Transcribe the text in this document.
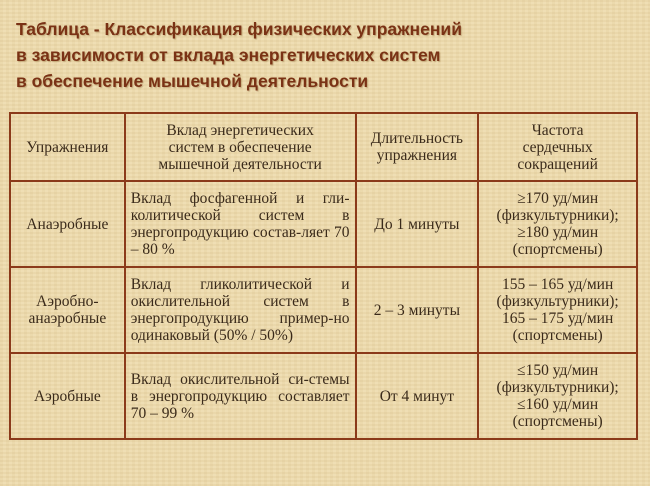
Таблица - Классификация физических упражнений
в зависимости от вклада энергетических систем
в обеспечение мышечной деятельности
Упражнения	Вклад энергетических
систем в обеспечение
мышечной деятельности	Длительность
упражнения	Частота
сердечных
сокращений

Анаэробные	Вклад фосфагенной и гли-колитической систем в энергопродукцию состав-ляет 70 – 80 %	До 1 минуты	≥170 уд/мин
(физкультурники);
≥180 уд/мин
(спортсмены)

Аэробно-
анаэробные	Вклад гликолитической и окислительной систем в энергопродукцию пример-но одинаковый (50% / 50%)	2 – 3 минуты	155 – 165 уд/мин
(физкультурники);
165 – 175 уд/мин
(спортсмены)

Аэробные	Вклад окислительной си-стемы в энергопродукцию составляет 70 – 99 %	От 4 минут	≤150 уд/мин
(физкультурники);
≤160 уд/мин
(спортсмены)
